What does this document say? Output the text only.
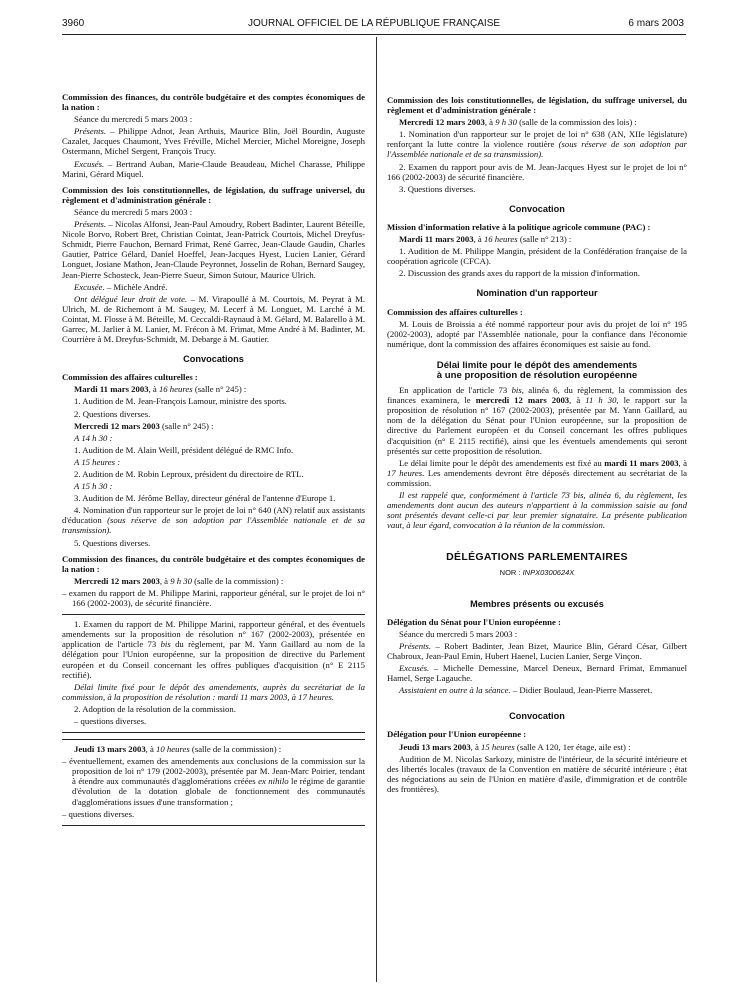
3960	JOURNAL OFFICIEL DE LA RÉPUBLIQUE FRANÇAISE	6 mars 2003

Commission des finances, du contrôle budgétaire et des comptes économiques de la nation :

Séance du mercredi 5 mars 2003 :

Présents. – Philippe Adnot, Jean Arthuis, Maurice Blin, Joël Bourdin, Auguste Cazalet, Jacques Chaumont, Yves Fréville, Michel Mercier, Michel Moreigne, Joseph Ostermann, Michel Sergent, François Trucy.

Excusés. – Bertrand Auban, Marie-Claude Beaudeau, Michel Charasse, Philippe Marini, Gérard Miquel.

Commission des lois constitutionnelles, de législation, du suffrage universel, du règlement et d'administration générale :

Séance du mercredi 5 mars 2003 :

Présents. – Nicolas Alfonsi, Jean-Paul Amoudry, Robert Badinter, Laurent Béteille, Nicole Borvo, Robert Bret, Christian Cointat, Jean-Patrick Courtois, Michel Dreyfus-Schmidt, Pierre Fauchon, Bernard Frimat, René Garrec, Jean-Claude Gaudin, Charles Gautier, Patrice Gélard, Daniel Hoeffel, Jean-Jacques Hyest, Lucien Lanier, Gérard Longuet, Josiane Mathon, Jean-Claude Peyronnet, Josselin de Rohan, Bernard Saugey, Jean-Pierre Schosteck, Jean-Pierre Sueur, Simon Sutour, Maurice Ulrich.

Excusée. – Michèle André.

Ont délégué leur droit de vote. – M. Virapoullé à M. Courtois, M. Peyrat à M. Ulrich, M. de Richemont à M. Saugey, M. Lecerf à M. Longuet, M. Larché à M. Cointat, M. Flosse à M. Béteille, M. Ceccaldi-Raynaud à M. Gélard, M. Balarello à M. Garrec, M. Jarlier à M. Lanier, M. Frécon à M. Frimat, Mme André à M. Badinter, M. Courrière à M. Dreyfus-Schmidt, M. Debarge à M. Gautier.

Convocations

Commission des affaires culturelles :

Mardi 11 mars 2003, à 16 heures (salle n° 245) :

1. Audition de M. Jean-François Lamour, ministre des sports.

2. Questions diverses.

Mercredi 12 mars 2003 (salle n° 245) :

A 14 h 30 :

1. Audition de M. Alain Weill, président délégué de RMC Info.

A 15 heures :

2. Audition de M. Robin Leproux, président du directoire de RTL.

A 15 h 30 :

3. Audition de M. Jérôme Bellay, directeur général de l'antenne d'Europe 1.

4. Nomination d'un rapporteur sur le projet de loi n° 640 (AN) relatif aux assistants d'éducation (sous réserve de son adoption par l'Assemblée nationale et de sa transmission).

5. Questions diverses.

Commission des finances, du contrôle budgétaire et des comptes économiques de la nation :

Mercredi 12 mars 2003, à 9 h 30 (salle de la commission) :

– examen du rapport de M. Philippe Marini, rapporteur général, sur le projet de loi n° 166 (2002-2003), de sécurité financière.

1. Examen du rapport de M. Philippe Marini, rapporteur général, et des éventuels amendements sur la proposition de résolution n° 167 (2002-2003), présentée en application de l'article 73 bis du règlement, par M. Yann Gaillard au nom de la délégation pour l'Union européenne, sur la proposition de directive du Parlement européen et du Conseil concernant les offres publiques d'acquisition (n° E 2115 rectifié).

Délai limite fixé pour le dépôt des amendements, auprès du secrétariat de la commission, à la proposition de résolution : mardi 11 mars 2003, à 17 heures.

2. Adoption de la résolution de la commission.

– questions diverses.

Jeudi 13 mars 2003, à 10 heures (salle de la commission) :

– éventuellement, examen des amendements aux conclusions de la commission sur la proposition de loi n° 179 (2002-2003), présentée par M. Jean-Marc Poirier, tendant à étendre aux communautés d'agglomérations créées ex nihilo le régime de garantie d'évolution de la dotation globale de fonctionnement des communautés d'agglomérations issues d'une transformation ;

– questions diverses.

Commission des lois constitutionnelles, de législation, du suffrage universel, du règlement et d'administration générale :

Mercredi 12 mars 2003, à 9 h 30 (salle de la commission des lois) :

1. Nomination d'un rapporteur sur le projet de loi n° 638 (AN, XIIe législature) renforçant la lutte contre la violence routière (sous réserve de son adoption par l'Assemblée nationale et de sa transmission).

2. Examen du rapport pour avis de M. Jean-Jacques Hyest sur le projet de loi n° 166 (2002-2003) de sécurité financière.

3. Questions diverses.

Convocation

Mission d'information relative à la politique agricole commune (PAC) :

Mardi 11 mars 2003, à 16 heures (salle n° 213) :

1. Audition de M. Philippe Mangin, président de la Confédération française de la coopération agricole (CFCA).

2. Discussion des grands axes du rapport de la mission d'information.

Nomination d'un rapporteur

Commission des affaires culturelles :

M. Louis de Broissia a été nommé rapporteur pour avis du projet de loi n° 195 (2002-2003), adopté par l'Assemblée nationale, pour la confiance dans l'économie numérique, dont la commission des affaires économiques est saisie au fond.

Délai limite pour le dépôt des amendements
à une proposition de résolution européenne

En application de l'article 73 bis, alinéa 6, du règlement, la commission des finances examinera, le mercredi 12 mars 2003, à 11 h 30, le rapport sur la proposition de résolution n° 167 (2002-2003), présentée par M. Yann Gaillard, au nom de la délégation du Sénat pour l'Union européenne, sur la proposition de directive du Parlement européen et du Conseil concernant les offres publiques d'acquisition (n° E 2115 rectifié), ainsi que les éventuels amendements qui seront présentés sur cette proposition de résolution.

Le délai limite pour le dépôt des amendements est fixé au mardi 11 mars 2003, à 17 heures. Les amendements devront être déposés directement au secrétariat de la commission.

Il est rappelé que, conformément à l'article 73 bis, alinéa 6, du règlement, les amendements dont aucun des auteurs n'appartient à la commission saisie au fond sont présentés devant celle-ci par leur premier signataire. La présente publication vaut, à leur égard, convocation à la réunion de la commission.

DÉLÉGATIONS PARLEMENTAIRES
NOR : INPX0300624X
Membres présents ou excusés

Délégation du Sénat pour l'Union européenne :

Séance du mercredi 5 mars 2003 :

Présents. – Robert Badinter, Jean Bizet, Maurice Blin, Gérard César, Gilbert Chabroux, Jean-Paul Emin, Hubert Haenel, Lucien Lanier, Serge Vinçon.

Excusés. – Michelle Demessine, Marcel Deneux, Bernard Frimat, Emmanuel Hamel, Serge Lagauche.

Assistaient en outre à la séance. – Didier Boulaud, Jean-Pierre Masseret.

Convocation

Délégation pour l'Union européenne :

Jeudi 13 mars 2003, à 15 heures (salle A 120, 1er étage, aile est) :

Audition de M. Nicolas Sarkozy, ministre de l'intérieur, de la sécurité intérieure et des libertés locales (travaux de la Convention en matière de sécurité intérieure ; état des négociations au sein de l'Union en matière d'asile, d'immigration et de contrôle des frontières).
